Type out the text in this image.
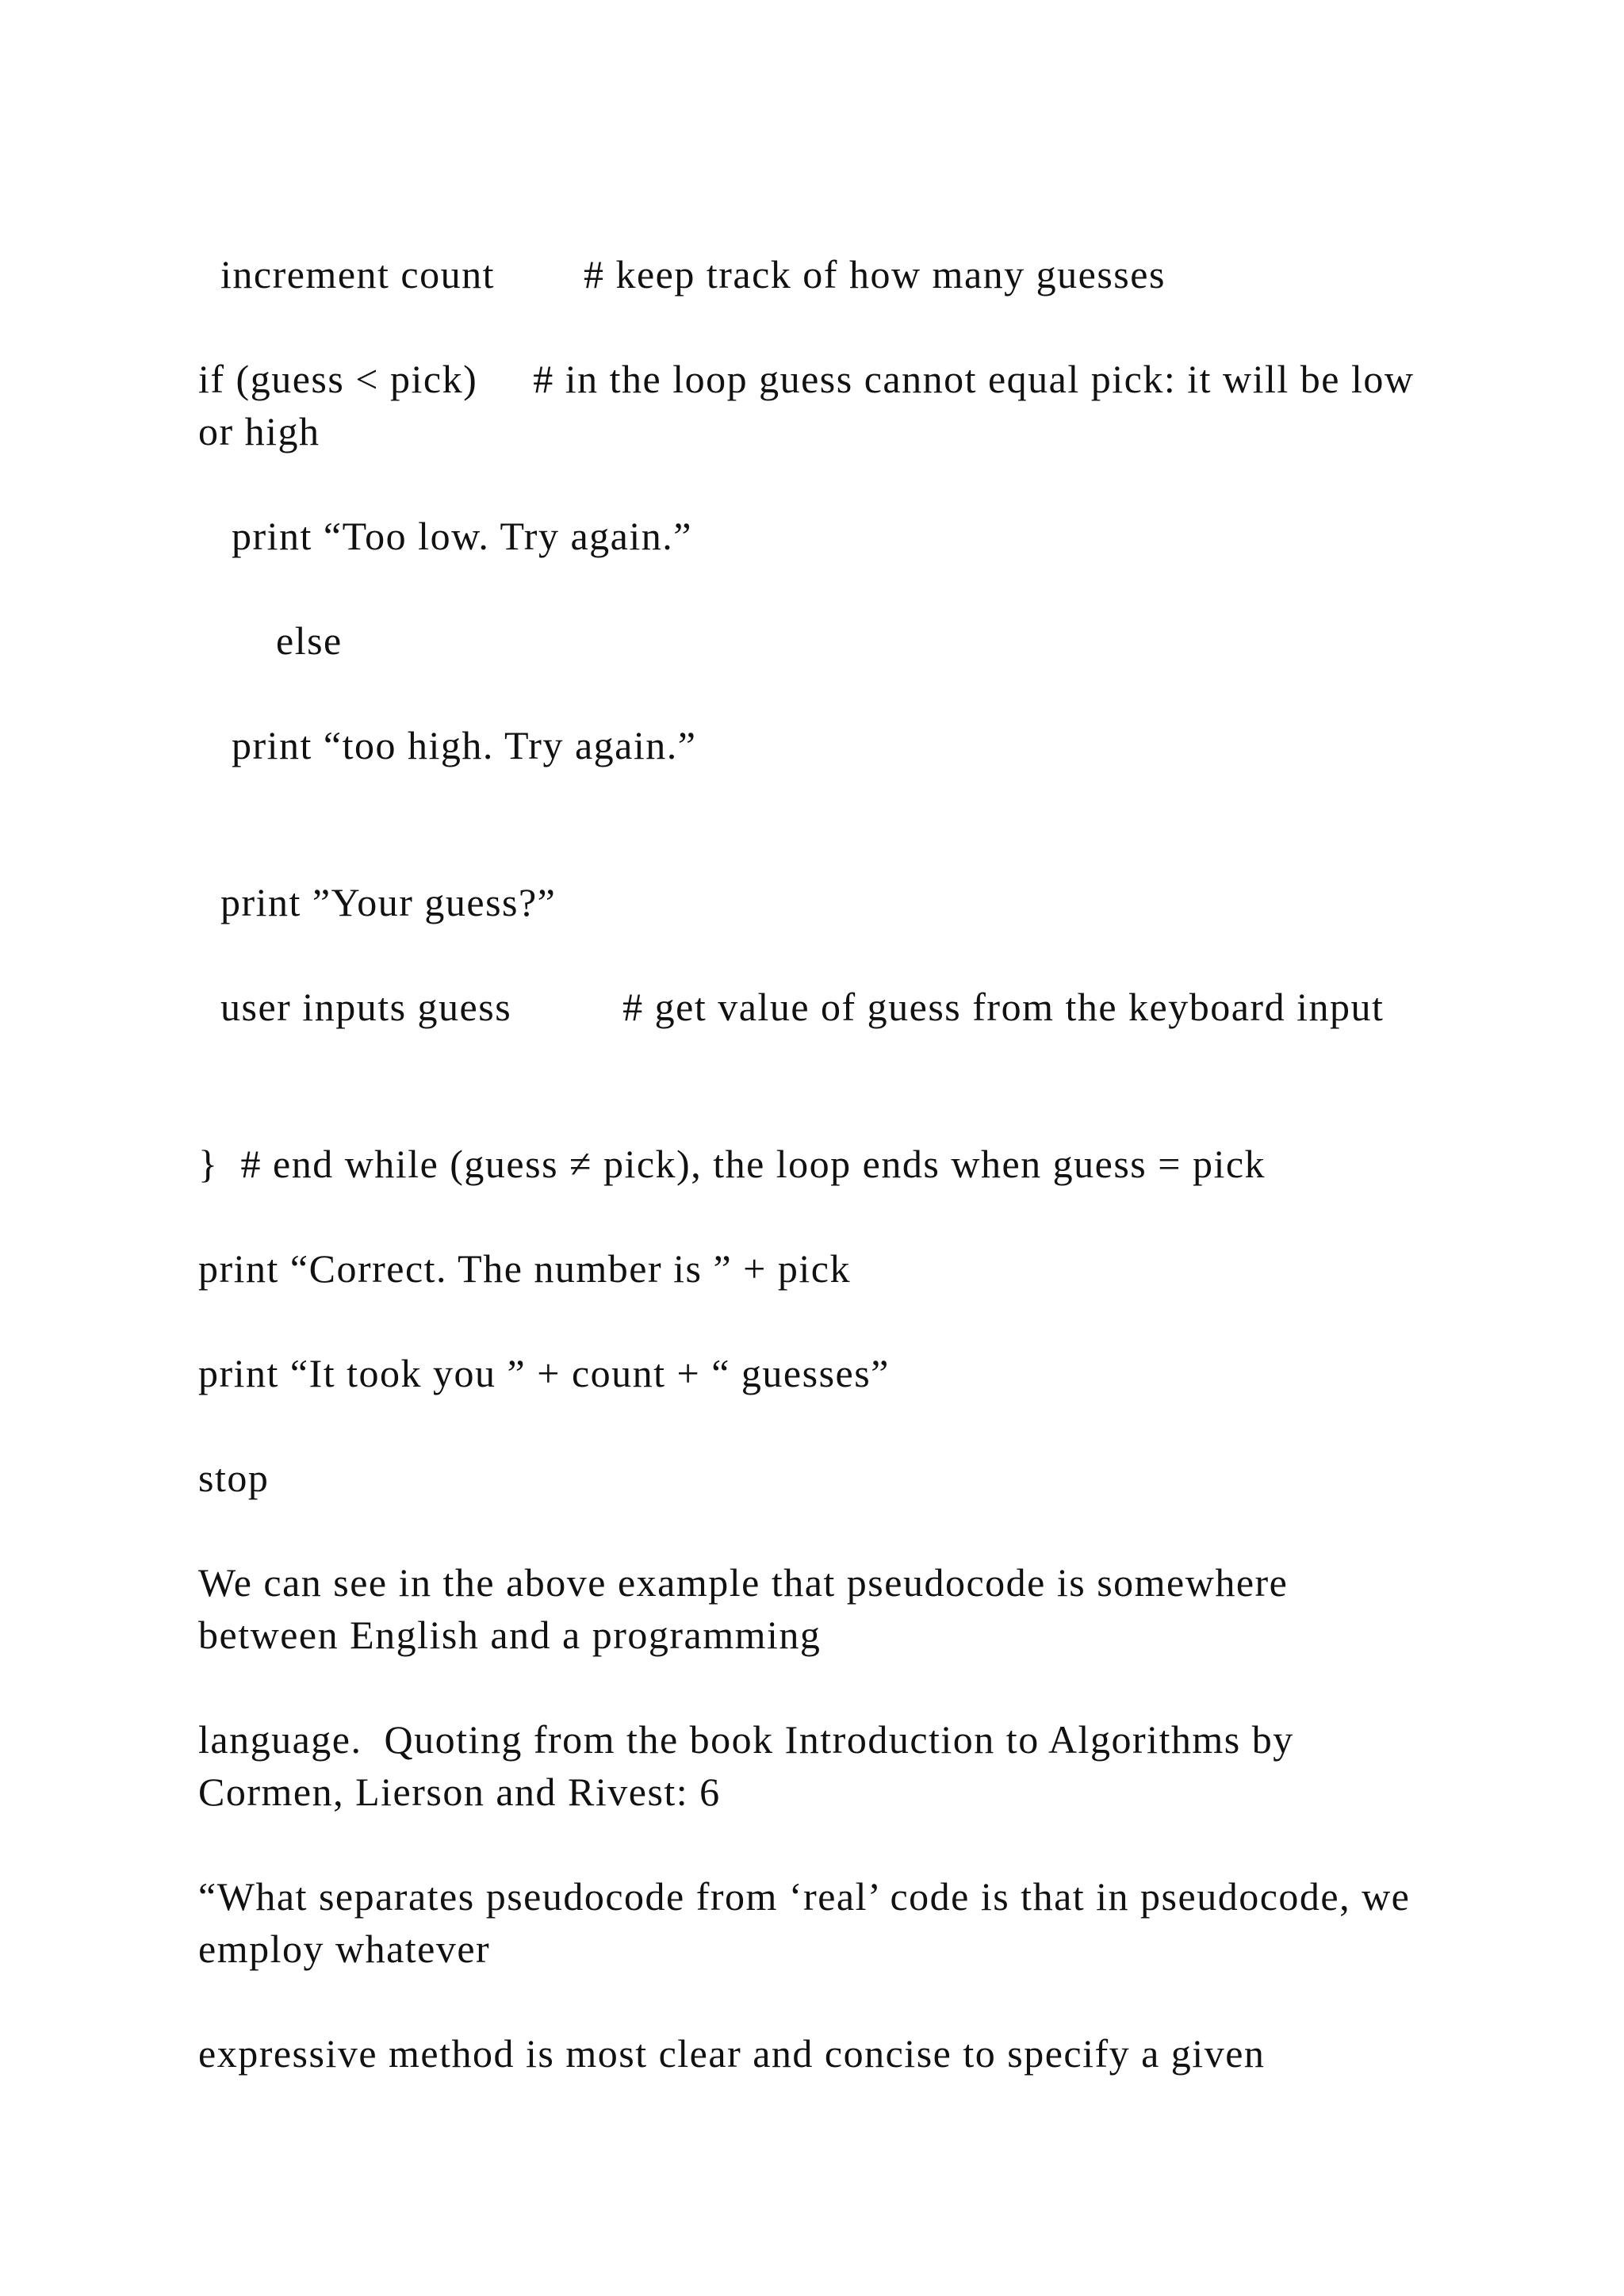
increment count        # keep track of how many guesses

if (guess < pick)     # in the loop guess cannot equal pick: it will be low or high

print “Too low. Try again.”

else

print “too high. Try again.”

print ”Your guess?”

user inputs guess          # get value of guess from the keyboard input

}  # end while (guess ≠ pick), the loop ends when guess = pick

print “Correct. The number is ” + pick

print “It took you ” + count + “ guesses”

stop

We can see in the above example that pseudocode is somewhere between English and a programming

language.  Quoting from the book Introduction to Algorithms by Cormen, Lierson and Rivest: 6

“What separates pseudocode from ‘real’ code is that in pseudocode, we employ whatever

expressive method is most clear and concise to specify a given
